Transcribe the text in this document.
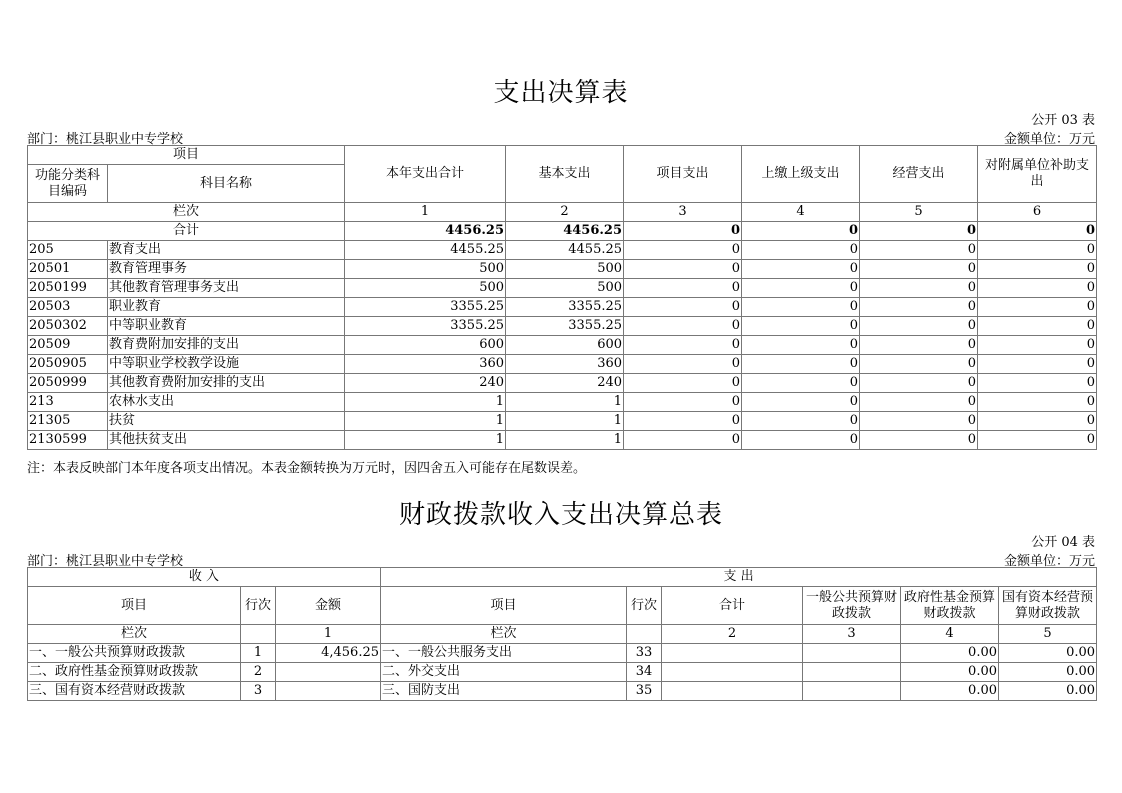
支出决算表
公开 03 表
部门：桃江县职业中专学校	金额单位：万元
项目		本年支出合计	基本支出	项目支出	上缴上级支出	经营支出	对附属单位补助支出
功能分类科目编码	科目名称						
栏次		1	2	3	4	5	6
合计		4456.25	4456.25	0	0	0	0
205	教育支出	4455.25	4455.25	0	0	0	0
20501	教育管理事务	500	500	0	0	0	0
2050199	其他教育管理事务支出	500	500	0	0	0	0
20503	职业教育	3355.25	3355.25	0	0	0	0
2050302	中等职业教育	3355.25	3355.25	0	0	0	0
20509	教育费附加安排的支出	600	600	0	0	0	0
2050905	中等职业学校教学设施	360	360	0	0	0	0
2050999	其他教育费附加安排的支出	240	240	0	0	0	0
213	农林水支出	1	1	0	0	0	0
21305	扶贫	1	1	0	0	0	0
2130599	其他扶贫支出	1	1	0	0	0	0
注：本表反映部门本年度各项支出情况。本表金额转换为万元时，因四舍五入可能存在尾数误差。
财政拨款收入支出决算总表
公开 04 表
部门：桃江县职业中专学校	金额单位：万元
收 入			支 出					
项目	行次	金额	项目	行次	合计	一般公共预算财政拨款	政府性基金预算财政拨款	国有资本经营预算财政拨款
栏次		1	栏次		2	3	4	5
一、一般公共预算财政拨款	1	4,456.25	一、一般公共服务支出	33			0.00	0.00
二、政府性基金预算财政拨款	2		二、外交支出	34			0.00	0.00
三、国有资本经营财政拨款	3		三、国防支出	35			0.00	0.00
